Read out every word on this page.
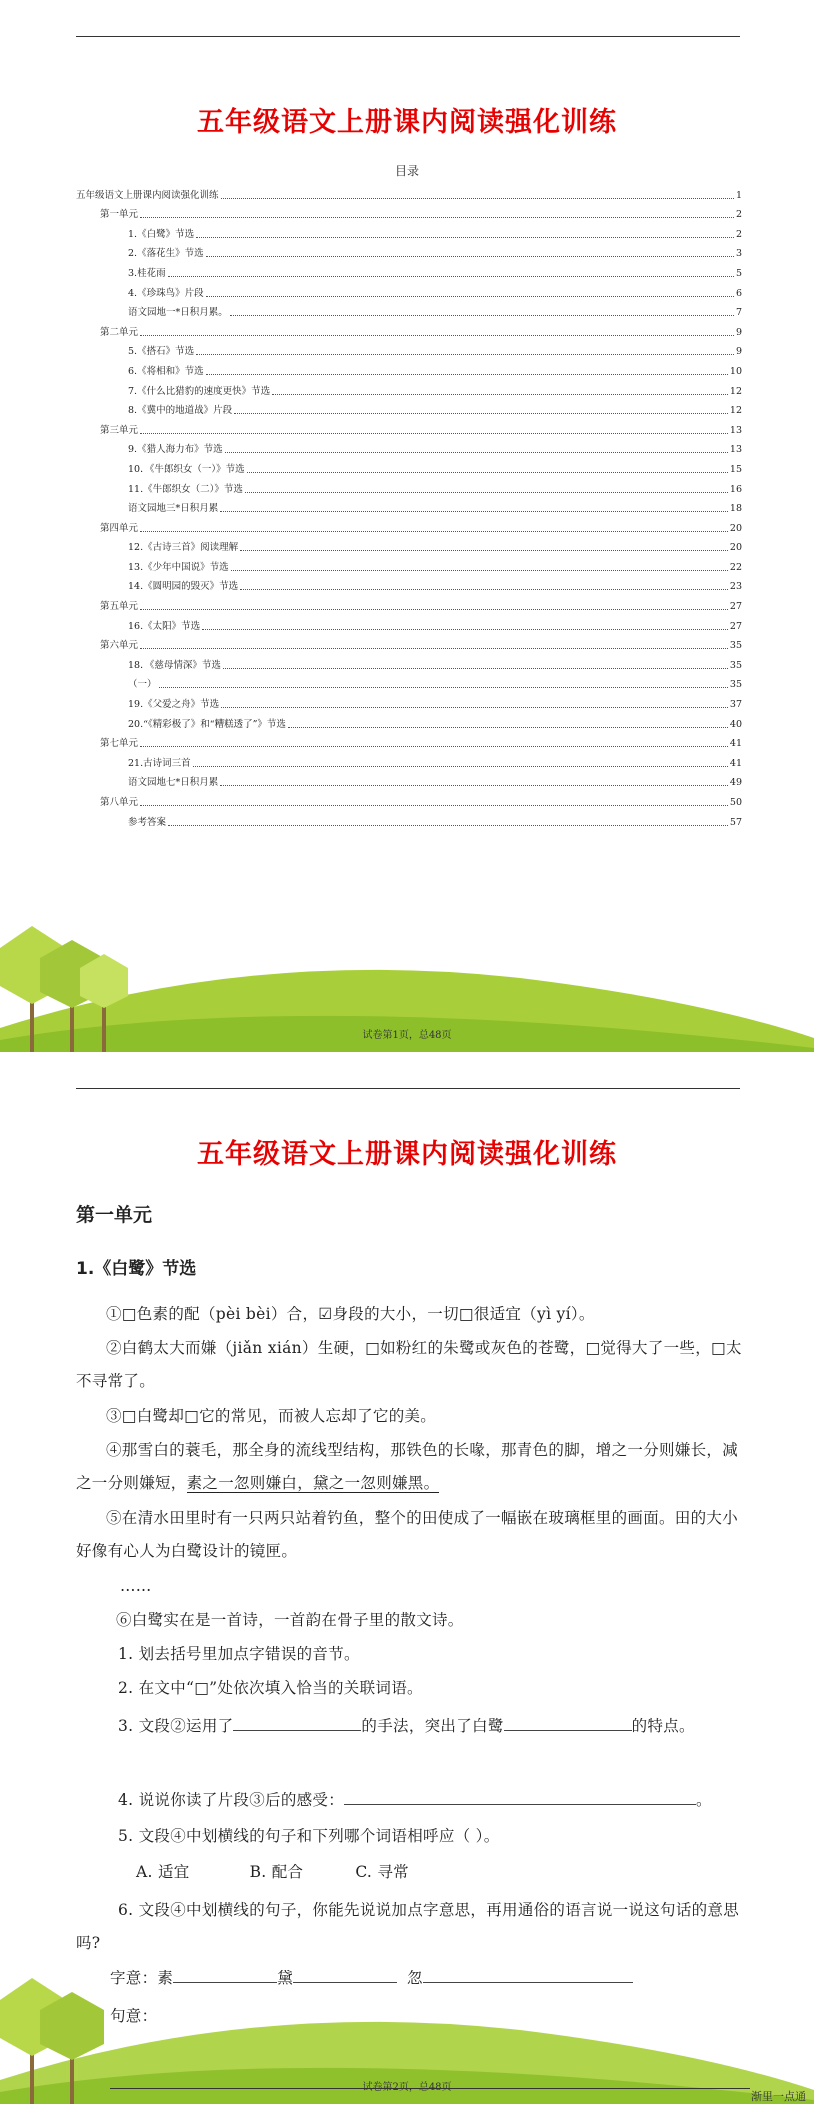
五年级语文上册课内阅读强化训练
目录
五年级语文上册课内阅读强化训练	1
第一单元	2
1.《白鹭》节选	2
2.《落花生》节选	3
3.桂花雨	5
4.《珍珠鸟》片段	6
语文园地一*日积月累。	7
第二单元	9
5.《搭石》节选	9
6.《将相和》节选	10
7.《什么比猎豹的速度更快》节选	12
8.《冀中的地道战》片段	12
第三单元	13
9.《猎人海力布》节选	13
10．《牛郎织女（一）》节选	15
11.《牛郎织女（二）》节选	16
语文园地三*日积月累	18
第四单元	20
12.《古诗三首》阅读理解	20
13.《少年中国说》节选	22
14.《圆明园的毁灭》节选	23
第五单元	27
16.《太阳》节选	27
第六单元	35
18．《慈母情深》节选	35
（一）	35
19.《父爱之舟》节选	37
20.“《精彩极了》和“糟糕透了”》节选	40
第七单元	41
21.古诗词三首	41
语文园地七*日积月累	49
第八单元	50
参考答案	57
试卷第1页，总48页
五年级语文上册课内阅读强化训练
第一单元
1.《白鹭》节选
①□色素的配（pèi bèi）合，☑身段的大小，一切□很适宜（yì yí）。
②白鹤太大而嫌（jiǎn xián）生硬，□如粉红的朱鹭或灰色的苍鹭，□觉得大了一些，□太不寻常了。
③□白鹭却□它的常见，而被人忘却了它的美。
④那雪白的蓑毛，那全身的流线型结构，那铁色的长喙，那青色的脚，增之一分则嫌长，减之一分则嫌短，素之一忽则嫌白，黛之一忽则嫌黑。
⑤在清水田里时有一只两只站着钓鱼，整个的田使成了一幅嵌在玻璃框里的画面。田的大小好像有心人为白鹭设计的镜匣。
……
⑥白鹭实在是一首诗，一首韵在骨子里的散文诗。
1. 划去括号里加点字错误的音节。
2. 在文中“□”处依次填入恰当的关联词语。
3. 文段②运用了	的手法，突出了白鹭	的特点。
4. 说说你读了片段③后的感受：	。
5. 文段④中划横线的句子和下列哪个词语相呼应（ ）。
A. 适宜	B. 配合	C. 寻常
6. 文段④中划横线的句子，你能先说说加点字意思，再用通俗的语言说一说这句话的意思吗?
字意：素	黛	忽
句意：
试卷第2页，总48页
渐里一点通
